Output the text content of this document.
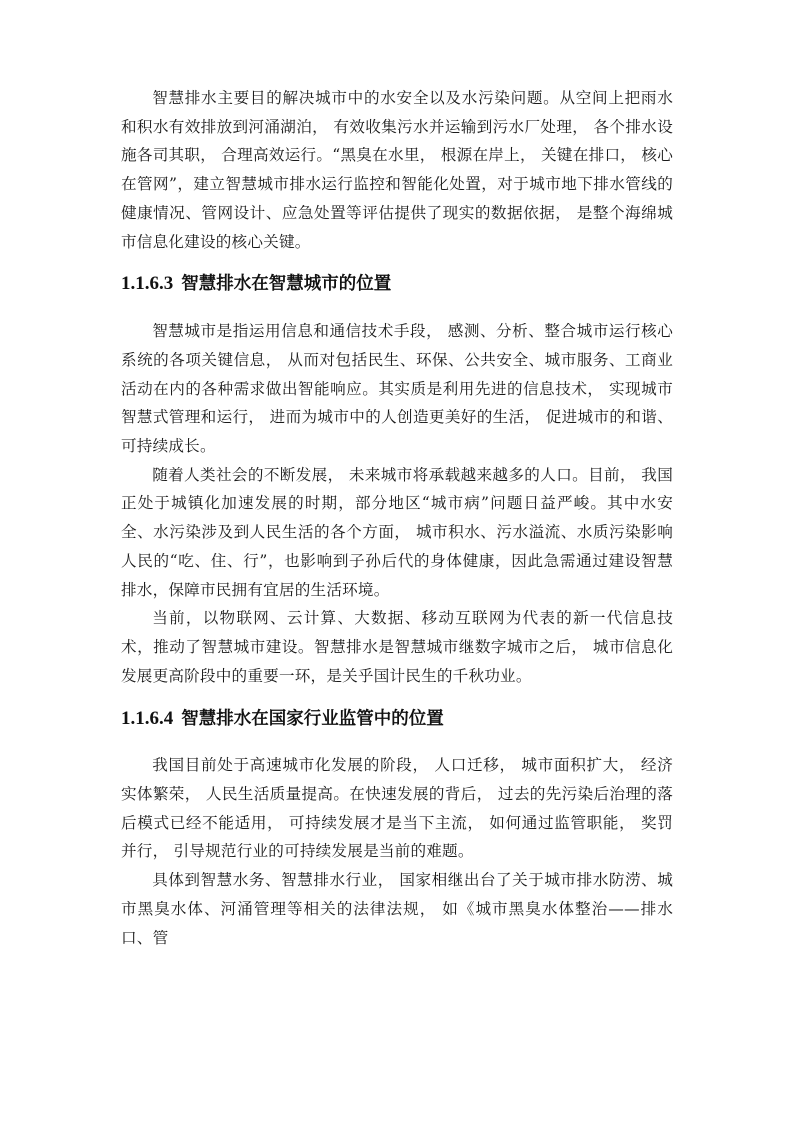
智慧排水主要目的解决城市中的水安全以及水污染问题。从空间上把雨水和积水有效排放到河涌湖泊， 有效收集污水并运输到污水厂处理， 各个排水设施各司其职， 合理高效运行。“黑臭在水里， 根源在岸上， 关键在排口， 核心在管网”，建立智慧城市排水运行监控和智能化处置，对于城市地下排水管线的健康情况、管网设计、应急处置等评估提供了现实的数据依据， 是整个海绵城市信息化建设的核心关键。

1.1.6.3 智慧排水在智慧城市的位置

智慧城市是指运用信息和通信技术手段， 感测、分析、整合城市运行核心系统的各项关键信息， 从而对包括民生、环保、公共安全、城市服务、工商业活动在内的各种需求做出智能响应。其实质是利用先进的信息技术， 实现城市智慧式管理和运行， 进而为城市中的人创造更美好的生活， 促进城市的和谐、可持续成长。

随着人类社会的不断发展， 未来城市将承载越来越多的人口。目前， 我国正处于城镇化加速发展的时期，部分地区“城市病”问题日益严峻。其中水安全、水污染涉及到人民生活的各个方面， 城市积水、污水溢流、水质污染影响人民的“吃、住、行”，也影响到子孙后代的身体健康，因此急需通过建设智慧排水，保障市民拥有宜居的生活环境。

当前，以物联网、云计算、大数据、移动互联网为代表的新一代信息技术，推动了智慧城市建设。智慧排水是智慧城市继数字城市之后， 城市信息化发展更高阶段中的重要一环，是关乎国计民生的千秋功业。

1.1.6.4 智慧排水在国家行业监管中的位置

我国目前处于高速城市化发展的阶段， 人口迁移， 城市面积扩大， 经济实体繁荣， 人民生活质量提高。在快速发展的背后， 过去的先污染后治理的落后模式已经不能适用， 可持续发展才是当下主流， 如何通过监管职能， 奖罚并行， 引导规范行业的可持续发展是当前的难题。

具体到智慧水务、智慧排水行业， 国家相继出台了关于城市排水防涝、城市黑臭水体、河涌管理等相关的法律法规， 如《城市黑臭水体整治——排水口、管
